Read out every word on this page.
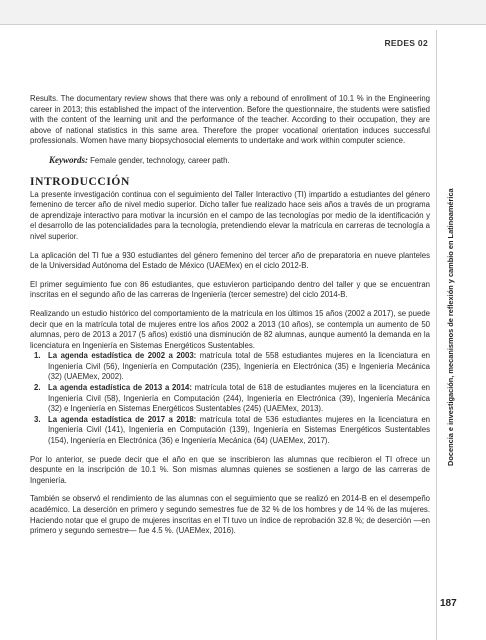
REDES 02
Docencia e investigación, mecanismos de reflexión y cambio en Latinoamérica

Results. The documentary review shows that there was only a rebound of enrollment of 10.1 % in the Engineering career in 2013; this established the impact of the intervention. Before the questionnaire, the students were satisfied with the content of the learning unit and the performance of the teacher. According to their occupation, they are above of national statistics in this same area. Therefore the proper vocational orientation induces successful professionals. Women have many biopsychosocial elements to undertake and work within computer science.

Keywords: Female gender, technology, career path.

INTRODUCCIÓN

La presente investigación continua con el seguimiento del Taller Interactivo (TI) impartido a estudiantes del género femenino de tercer año de nivel medio superior. Dicho taller fue realizado hace seis años a través de un programa de aprendizaje interactivo para motivar la incursión en el campo de las tecnologías por medio de la identificación y el desarrollo de las potencialidades para la tecnología, pretendiendo elevar la matrícula en carreras de tecnología a nivel superior.

La aplicación del TI fue a 930 estudiantes del género femenino del tercer año de preparatoria en nueve planteles de la Universidad Autónoma del Estado de México (UAEMex) en el ciclo 2012-B.

El primer seguimiento fue con 86 estudiantes, que estuvieron participando dentro del taller y que se encuentran inscritas en el segundo año de las carreras de Ingeniería (tercer semestre) del ciclo 2014-B.

Realizando un estudio histórico del comportamiento de la matrícula en los últimos 15 años (2002 a 2017), se puede decir que en la matrícula total de mujeres entre los años 2002 a 2013 (10 años), se contempla un aumento de 50 alumnas, pero de 2013 a 2017 (5 años) existió una disminución de 82 alumnas, aunque aumentó la demanda en la licenciatura en Ingeniería en Sistemas Energéticos Sustentables.

1. La agenda estadística de 2002 a 2003: matrícula total de 558 estudiantes mujeres en la licenciatura en Ingeniería Civil (56), Ingeniería en Computación (235), Ingeniería en Electrónica (35) e Ingeniería Mecánica (32) (UAEMex, 2002).
2. La agenda estadística de 2013 a 2014: matrícula total de 618 de estudiantes mujeres en la licenciatura en Ingeniería Civil (58), Ingeniería en Computación (244), Ingeniería en Electrónica (39), Ingeniería Mecánica (32) e Ingeniería en Sistemas Energéticos Sustentables (245) (UAEMex, 2013).
3. La agenda estadística de 2017 a 2018: matrícula total de 536 estudiantes mujeres en la licenciatura en Ingeniería Civil (141), Ingeniería en Computación (139), Ingeniería en Sistemas Energéticos Sustentables (154), Ingeniería en Electrónica (36) e Ingeniería Mecánica (64) (UAEMex, 2017).

Por lo anterior, se puede decir que el año en que se inscribieron las alumnas que recibieron el TI ofrece un despunte en la inscripción de 10.1 %. Son mismas alumnas quienes se sostienen a largo de las carreras de Ingeniería.

También se observó el rendimiento de las alumnas con el seguimiento que se realizó en 2014-B en el desempeño académico. La deserción en primero y segundo semestres fue de 32 % de los hombres y de 14 % de las mujeres. Haciendo notar que el grupo de mujeres inscritas en el TI tuvo un índice de reprobación 32.8 %; de deserción —en primero y segundo semestre— fue 4.5 %. (UAEMex, 2016).

187
